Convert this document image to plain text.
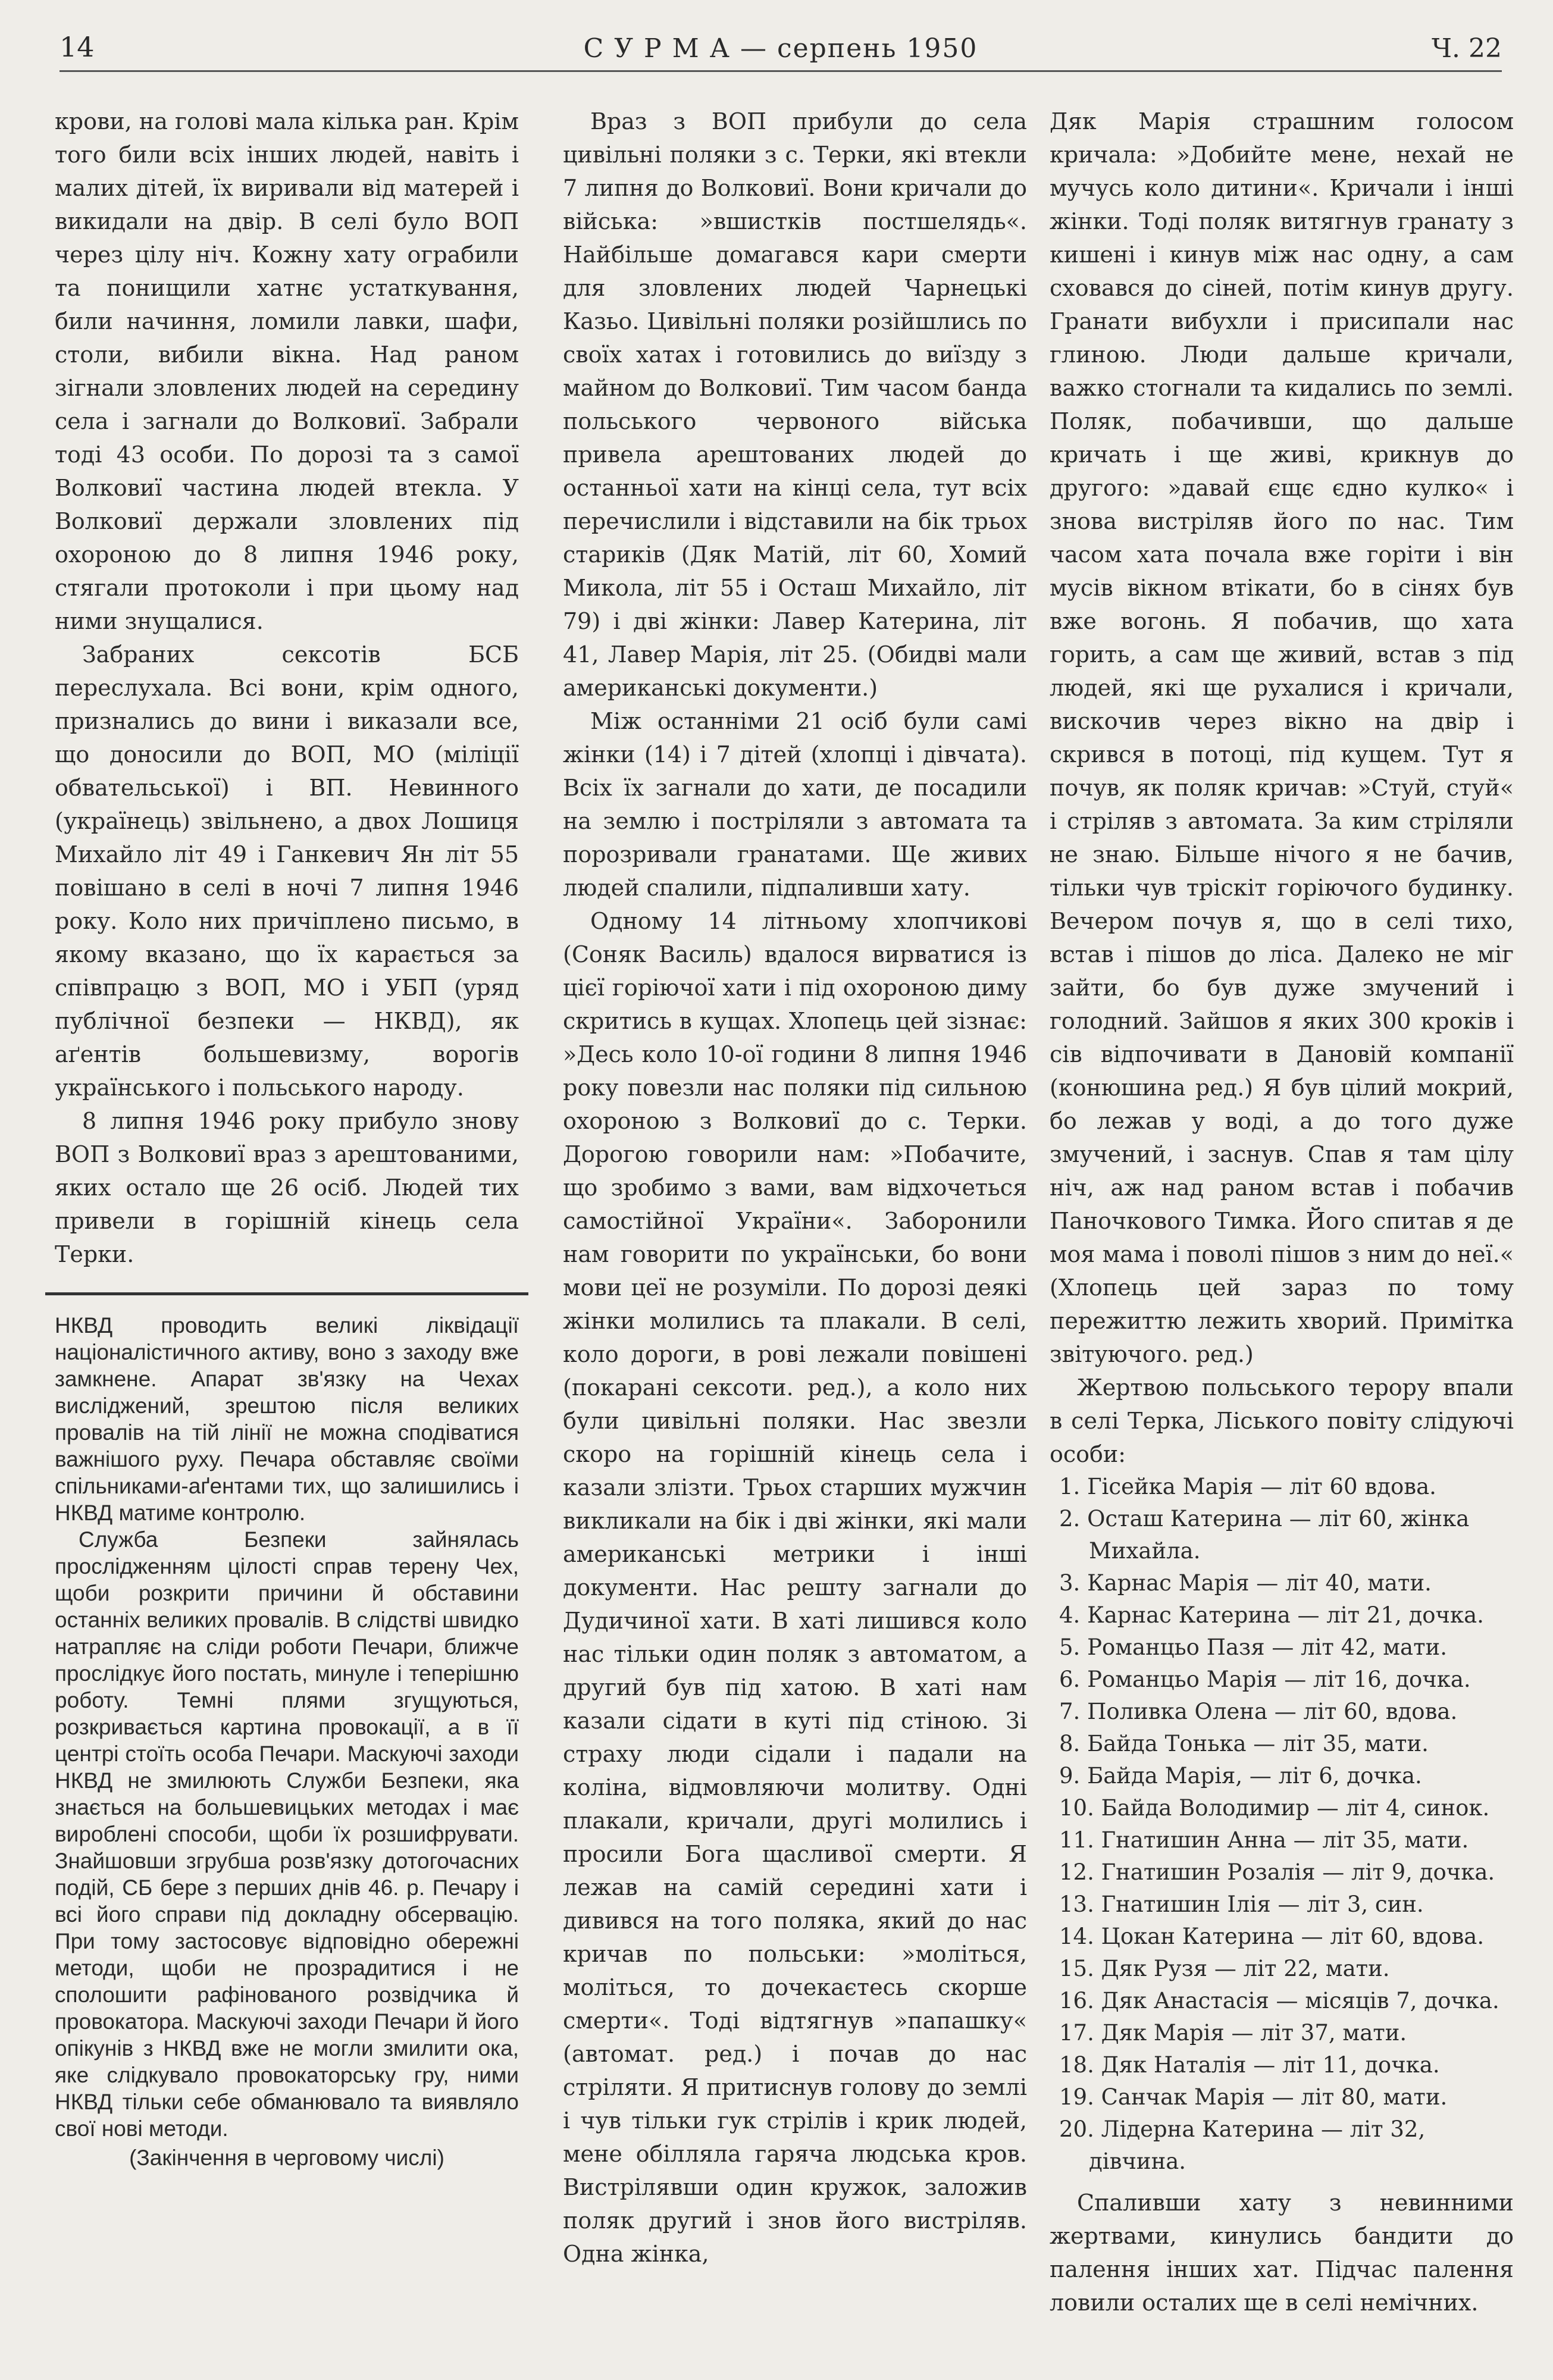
14	С У Р М А — серпень 1950	Ч. 22

крови, на голові мала кілька ран. Крім того били всіх інших людей, навіть і малих дітей, їх виривали від матерей і викидали на двір. В селі було ВОП через цілу ніч. Кожну хату ограбили та понищили хатнє устаткування, били начиння, ломили лавки, шафи, столи, вибили вікна. Над раном зігнали зловлених людей на середину села і загнали до Волковиї. Забрали тоді 43 особи. По дорозі та з самої Волковиї частина людей втекла. У Волковиї держали зловлених під охороною до 8 липня 1946 року, стягали протоколи і при цьому над ними знущалися.

Забраних сексотів БСБ переслухала. Всі вони, крім одного, признались до вини і виказали все, що доносили до ВОП, МО (міліції обвательської) і ВП. Невинного (українець) звільнено, а двох Лошиця Михайло літ 49 і Ганкевич Ян літ 55 повішано в селі в ночі 7 липня 1946 року. Коло них причіплено письмо, в якому вказано, що їх карається за співпрацю з ВОП, МО і УБП (уряд публічної безпеки — НКВД), як аґентів большевизму, ворогів українського і польського народу.

8 липня 1946 року прибуло знову ВОП з Волковиї враз з арештованими, яких остало ще 26 осіб. Людей тих привели в горішній кінець села Терки.

НКВД проводить великі ліквідації націоналістичного активу, воно з заходу вже замкнене. Апарат зв'язку на Чехах висліджений, зрештою після великих провалів на тій лінії не можна сподіватися важнішого руху. Печара обставляє своїми спільниками-аґентами тих, що залишились і НКВД матиме контролю.

Служба Безпеки зайнялась прослідженням цілості справ терену Чех, щоби розкрити причини й обставини останніх великих провалів. В слідстві швидко натрапляє на сліди роботи Печари, ближче прослідкує його постать, минуле і теперішню роботу. Темні плями згущуються, розкривається картина провокації, а в її центрі стоїть особа Печари. Маскуючі заходи НКВД не змилюють Служби Безпеки, яка знається на большевицьких методах і має вироблені способи, щоби їх розшифрувати. Знайшовши згрубша розв'язку дотогочасних подій, СБ бере з перших днів 46. р. Печару і всі його справи під докладну обсервацію. При тому застосовує відповідно обережні методи, щоби не прозрадитися і не сполошити рафінованого розвідчика й провокатора. Маскуючі заходи Печари й його опікунів з НКВД вже не могли змилити ока, яке слідкувало провокаторську гру, ними НКВД тільки себе обманювало та виявляло свої нові методи.

(Закінчення в черговому числі)

Враз з ВОП прибули до села цивільні поляки з с. Терки, які втекли 7 липня до Волковиї. Вони кричали до війська: »вшистків постшелядь«. Найбільше домагався кари смерти для зловлених людей Чарнецькі Казьо. Цивільні поляки розійшлись по своїх хатах і готовились до виїзду з майном до Волковиї. Тим часом банда польського червоного війська привела арештованих людей до останньої хати на кінці села, тут всіх перечислили і відставили на бік трьох стариків (Дяк Матій, літ 60, Хомий Микола, літ 55 і Осташ Михайло, літ 79) і дві жінки: Лавер Катерина, літ 41, Лавер Марія, літ 25. (Обидві мали американські документи.)

Між останніми 21 осіб були самі жінки (14) і 7 дітей (хлопці і дівчата). Всіх їх загнали до хати, де посадили на землю і постріляли з автомата та порозривали гранатами. Ще живих людей спалили, підпаливши хату.

Одному 14 літньому хлопчикові (Соняк Василь) вдалося вирватися із цієї горіючої хати і під охороною диму скритись в кущах. Хлопець цей зізнає: »Десь коло 10-ої години 8 липня 1946 року повезли нас поляки під сильною охороною з Волковиї до с. Терки. Дорогою говорили нам: »Побачите, що зробимо з вами, вам відхочеться самостійної України«. Заборонили нам говорити по українськи, бо вони мови цеї не розуміли. По дорозі деякі жінки молились та плакали. В селі, коло дороги, в рові лежали повішені (покарані сексоти. ред.), а коло них були цивільні поляки. Нас звезли скоро на горішній кінець села і казали злізти. Трьох старших мужчин викликали на бік і дві жінки, які мали американські метрики і інші документи. Нас решту загнали до Дудичиної хати. В хаті лишився коло нас тільки один поляк з автоматом, а другий був під хатою. В хаті нам казали сідати в куті під стіною. Зі страху люди сідали і падали на коліна, відмовляючи молитву. Одні плакали, кричали, другі молились і просили Бога щасливої смерти. Я лежав на самій середині хати і дивився на того поляка, який до нас кричав по польськи: »моліться, моліться, то дочекаєтесь скорше смерти«. Тоді відтягнув »папашку« (автомат. ред.) і почав до нас стріляти. Я притиснув голову до землі і чув тільки гук стрілів і крик людей, мене обілляла гаряча людська кров. Вистрілявши один кружок, заложив поляк другий і знов його вистріляв. Одна жінка,

Дяк Марія страшним голосом кричала: »Добийте мене, нехай не мучусь коло дитини«. Кричали і інші жінки. Тоді поляк витягнув гранату з кишені і кинув між нас одну, а сам сховався до сіней, потім кинув другу. Гранати вибухли і присипали нас глиною. Люди дальше кричали, важко стогнали та кидались по землі. Поляк, побачивши, що дальше кричать і ще живі, крикнув до другого: »давай єщє єдно кулко« і знова вистріляв його по нас. Тим часом хата почала вже горіти і він мусів вікном втікати, бо в сінях був вже вогонь. Я побачив, що хата горить, а сам ще живий, встав з під людей, які ще рухалися і кричали, вискочив через вікно на двір і скрився в потоці, під кущем. Тут я почув, як поляк кричав: »Стуй, стуй« і стріляв з автомата. За ким стріляли не знаю. Більше нічого я не бачив, тільки чув тріскіт горіючого будинку. Вечером почув я, що в селі тихо, встав і пішов до ліса. Далеко не міг зайти, бо був дуже змучений і голодний. Зайшов я яких 300 кроків і сів відпочивати в Дановій компанії (конюшина ред.) Я був цілий мокрий, бо лежав у воді, а до того дуже змучений, і заснув. Спав я там цілу ніч, аж над раном встав і побачив Паночкового Тимка. Його спитав я де моя мама і поволі пішов з ним до неї.« (Хлопець цей зараз по тому пережиттю лежить хворий. Примітка звітуючого. ред.)

Жертвою польського терору впали в селі Терка, Ліського повіту слідуючі особи:

1. Гісейка Марія — літ 60 вдова.
2. Осташ Катерина — літ 60, жінка Михайла.
3. Карнас Марія — літ 40, мати.
4. Карнас Катерина — літ 21, дочка.
5. Романцьо Пазя — літ 42, мати.
6. Романцьо Марія — літ 16, дочка.
7. Поливка Олена — літ 60, вдова.
8. Байда Тонька — літ 35, мати.
9. Байда Марія, — літ 6, дочка.
10. Байда Володимир — літ 4, синок.
11. Гнатишин Анна — літ 35, мати.
12. Гнатишин Розалія — літ 9, дочка.
13. Гнатишин Ілія — літ 3, син.
14. Цокан Катерина — літ 60, вдова.
15. Дяк Рузя — літ 22, мати.
16. Дяк Анастасія — місяців 7, дочка.
17. Дяк Марія — літ 37, мати.
18. Дяк Наталія — літ 11, дочка.
19. Санчак Марія — літ 80, мати.
20. Лідерна Катерина — літ 32, дівчина.

Спаливши хату з невинними жертвами, кинулись бандити до палення інших хат. Підчас палення ловили осталих ще в селі немічних.
